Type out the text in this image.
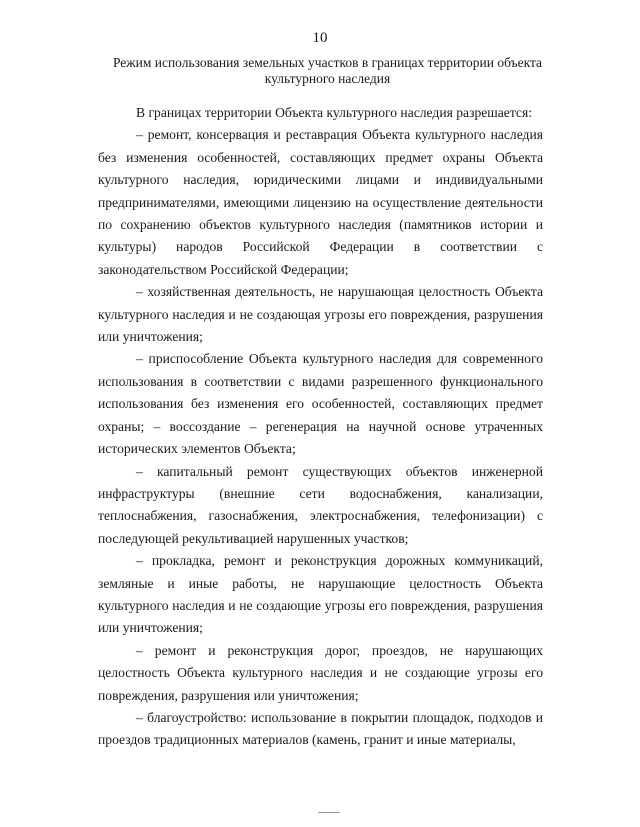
10
Режим использования земельных участков в границах территории объекта культурного наследия

В границах территории Объекта культурного наследия разрешается:

– ремонт, консервация и реставрация Объекта культурного наследия без изменения особенностей, составляющих предмет охраны Объекта культурного наследия, юридическими лицами и индивидуальными предпринимателями, имеющими лицензию на осуществление деятельности по сохранению объектов культурного наследия (памятников истории и культуры) народов Российской Федерации в соответствии с законодательством Российской Федерации;

– хозяйственная деятельность, не нарушающая целостность Объекта культурного наследия и не создающая угрозы его повреждения, разрушения или уничтожения;

– приспособление Объекта культурного наследия для современного использования в соответствии с видами разрешенного функционального использования без изменения его особенностей, составляющих предмет охраны; – воссоздание – регенерация на научной основе утраченных исторических элементов Объекта;

– капитальный ремонт существующих объектов инженерной инфраструктуры (внешние сети водоснабжения, канализации, теплоснабжения, газоснабжения, электроснабжения, телефонизации) с последующей рекультивацией нарушенных участков;

– прокладка, ремонт и реконструкция дорожных коммуникаций, земляные и иные работы, не нарушающие целостность Объекта культурного наследия и не создающие угрозы его повреждения, разрушения или уничтожения;

– ремонт и реконструкция дорог, проездов, не нарушающих целостность Объекта культурного наследия и не создающие угрозы его повреждения, разрушения или уничтожения;

– благоустройство: использование в покрытии площадок, подходов и проездов традиционных материалов (камень, гранит и иные материалы,
